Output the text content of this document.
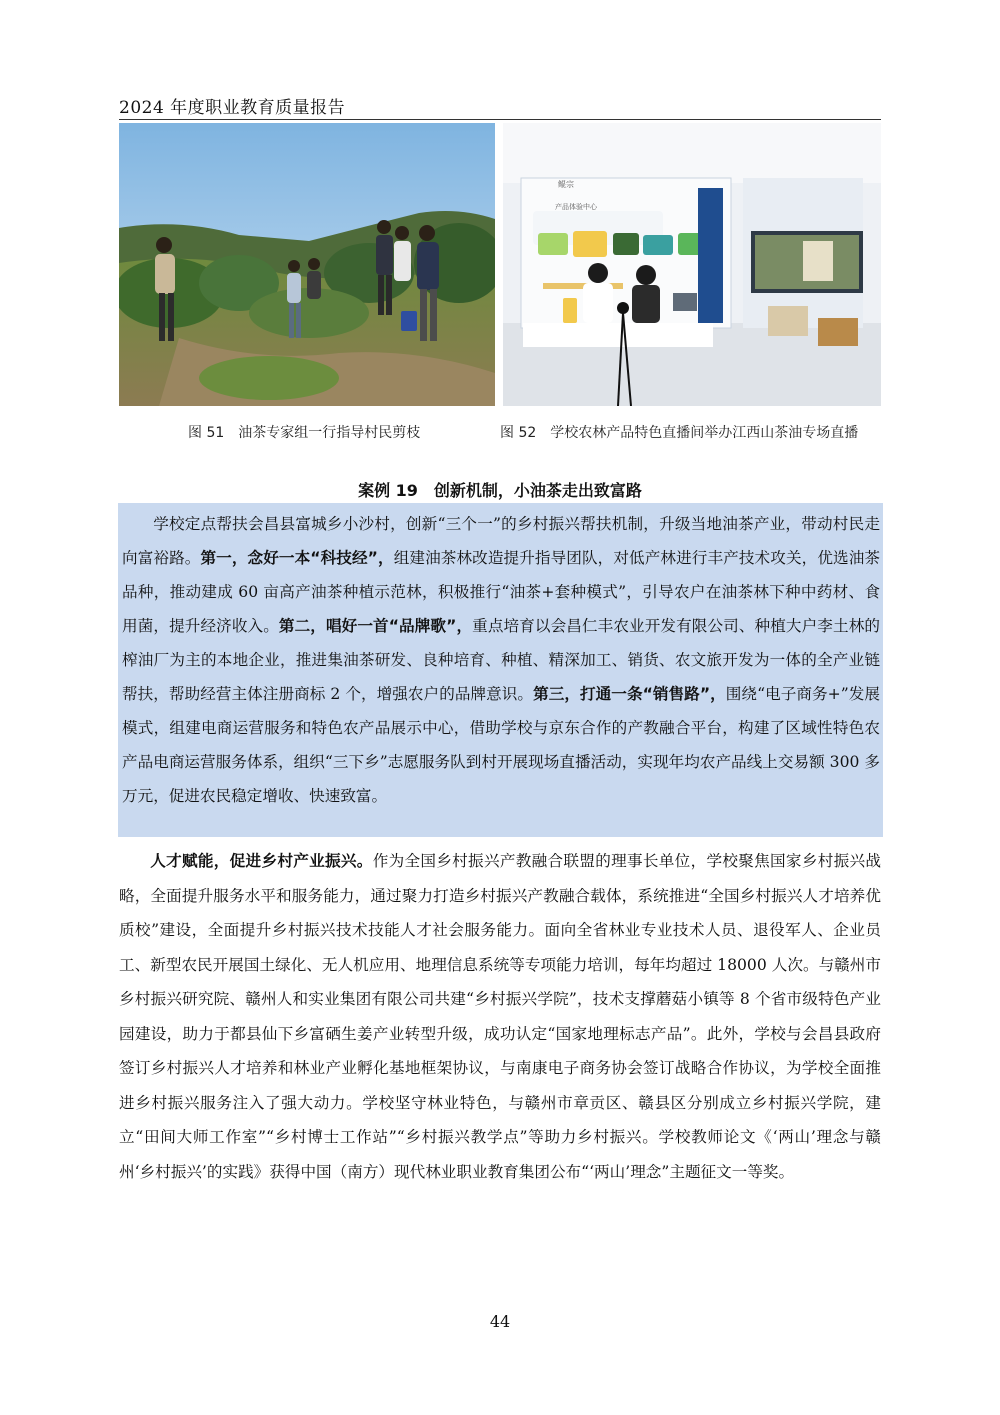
2024 年度职业教育质量报告
鲲宗
产品体验中心
图 51　油茶专家组一行指导村民剪枝	图 52　学校农林产品特色直播间举办江西山茶油专场直播
案例 19　创新机制，小油茶走出致富路
学校定点帮扶会昌县富城乡小沙村，创新“三个一”的乡村振兴帮扶机制，升级当地油茶产业，带动村民走向富裕路。第一，念好一本“科技经”，组建油茶林改造提升指导团队，对低产林进行丰产技术攻关，优选油茶品种，推动建成 60 亩高产油茶种植示范林，积极推行“油茶+套种模式”，引导农户在油茶林下种中药材、食用菌，提升经济收入。第二，唱好一首“品牌歌”，重点培育以会昌仁丰农业开发有限公司、种植大户李土林的榨油厂为主的本地企业，推进集油茶研发、良种培育、种植、精深加工、销货、农文旅开发为一体的全产业链帮扶，帮助经营主体注册商标 2 个，增强农户的品牌意识。第三，打通一条“销售路”，围绕“电子商务+”发展模式，组建电商运营服务和特色农产品展示中心，借助学校与京东合作的产教融合平台，构建了区域性特色农产品电商运营服务体系，组织“三下乡”志愿服务队到村开展现场直播活动，实现年均农产品线上交易额 300 多万元，促进农民稳定增收、快速致富。
人才赋能，促进乡村产业振兴。作为全国乡村振兴产教融合联盟的理事长单位，学校聚焦国家乡村振兴战略，全面提升服务水平和服务能力，通过聚力打造乡村振兴产教融合载体，系统推进“全国乡村振兴人才培养优质校”建设，全面提升乡村振兴技术技能人才社会服务能力。面向全省林业专业技术人员、退役军人、企业员工、新型农民开展国土绿化、无人机应用、地理信息系统等专项能力培训，每年均超过 18000 人次。与赣州市乡村振兴研究院、赣州人和实业集团有限公司共建“乡村振兴学院”，技术支撑蘑菇小镇等 8 个省市级特色产业园建设，助力于都县仙下乡富硒生姜产业转型升级，成功认定“国家地理标志产品”。此外，学校与会昌县政府签订乡村振兴人才培养和林业产业孵化基地框架协议，与南康电子商务协会签订战略合作协议，为学校全面推进乡村振兴服务注入了强大动力。学校坚守林业特色，与赣州市章贡区、赣县区分别成立乡村振兴学院，建立“田间大师工作室”“乡村博士工作站”“乡村振兴教学点”等助力乡村振兴。学校教师论文《‘两山’理念与赣州‘乡村振兴’的实践》获得中国（南方）现代林业职业教育集团公布“‘两山’理念”主题征文一等奖。
44
